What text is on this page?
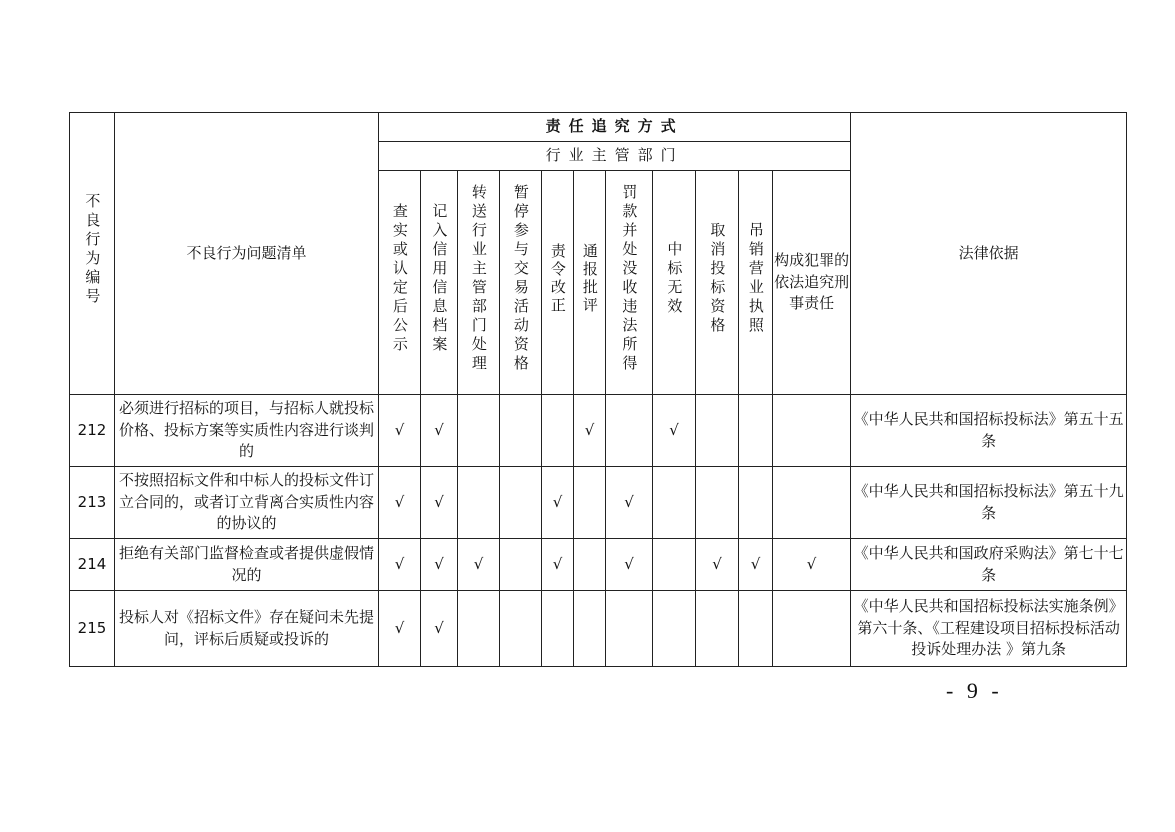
不良行为编号	不良行为问题清单	责任追究方式											法律依据
		行业主管部门											
		查实或认定后公示	记入信用信息档案	转送行业主管部门处理	暂停参与交易活动资格	责令改正	通报批评	罚款并处没收违法所得	中标无效	取消投标资格	吊销营业执照	构成犯罪的依法追究刑事责任	
212	必须进行招标的项目，与招标人就投标价格、投标方案等实质性内容进行谈判的	√	√				√		√				《中华人民共和国招标投标法》第五十五条
213	不按照招标文件和中标人的投标文件订立合同的，或者订立背离合实质性内容的协议的	√	√			√		√					《中华人民共和国招标投标法》第五十九条
214	拒绝有关部门监督检查或者提供虚假情况的	√	√	√		√		√		√	√	√	《中华人民共和国政府采购法》第七十七条
215	投标人对《招标文件》存在疑问未先提问，评标后质疑或投诉的	√	√										《中华人民共和国招标投标法实施条例》第六十条、《工程建设项目招标投标活动投诉处理办法 》第九条
- 9 -
